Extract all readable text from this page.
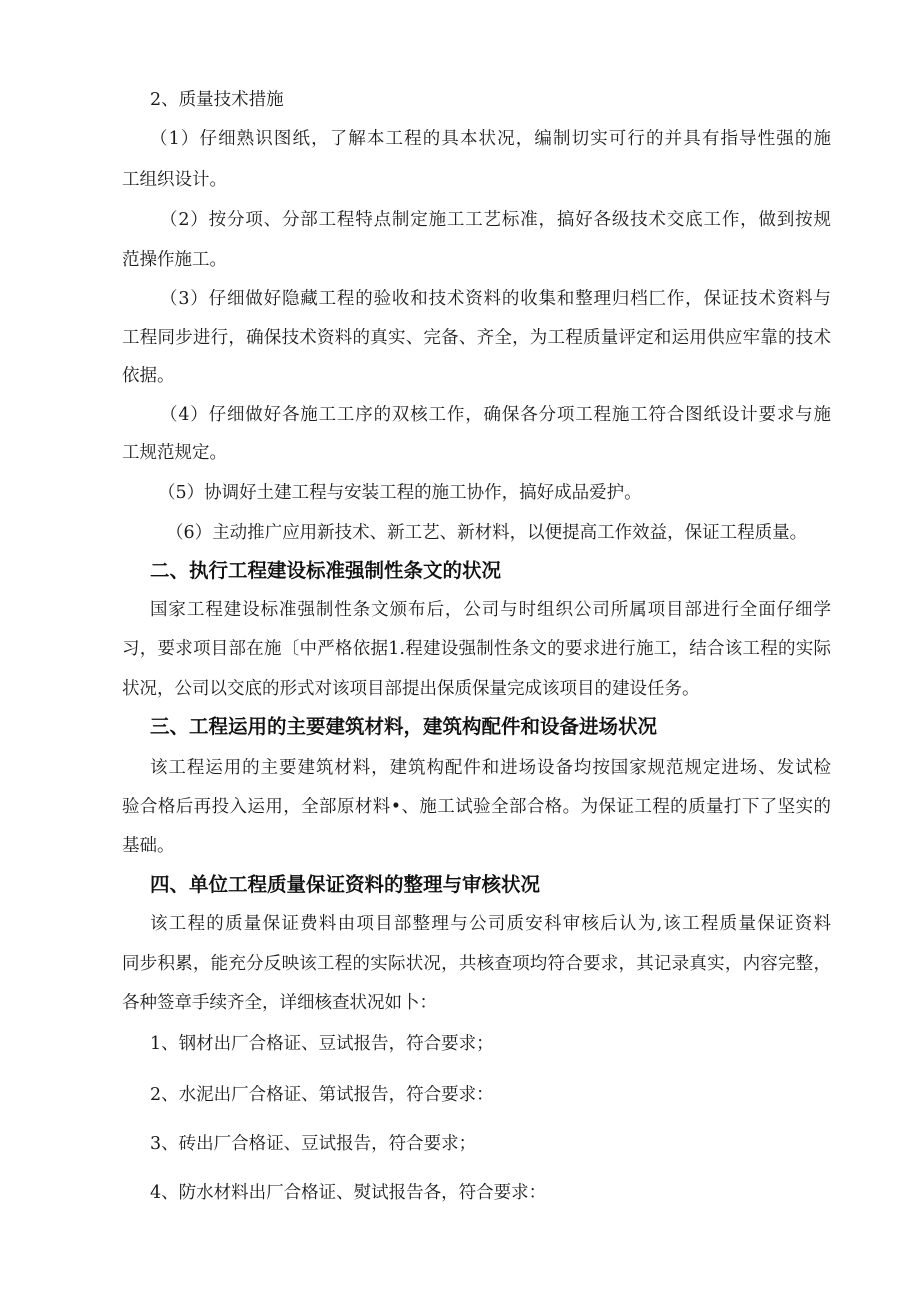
2、质量技术措施
（1）仔细熟识图纸，了解本工程的具本状况，编制切实可行的并具有指导性强的施
工组织设计。
（2）按分项、分部工程特点制定施工工艺标准，搞好各级技术交底工作，做到按规
范操作施工。
（3）仔细做好隐藏工程的验收和技术资料的收集和整理归档匚作，保证技术资料与
工程同步进行，确保技术资料的真实、完备、齐全，为工程质量评定和运用供应牢靠的技术
依据。
（4）仔细做好各施工工序的双核工作，确保各分项工程施工符合图纸设计要求与施
工规范规定。
（5）协调好土建工程与安装工程的施工协作，搞好成品爱护。
（6）主动推广应用新技术、新工艺、新材料，以便提高工作效益，保证工程质量。
二、执行工程建设标准强制性条文的状况
国家工程建设标准强制性条文颁布后，公司与时组织公司所属项目部进行全面仔细学
习，要求项目部在施〔中严格依据1.程建设强制性条文的要求进行施工，结合该工程的实际
状况，公司以交底的形式对该项目部提出保质保量完成该项目的建设任务。
三、工程运用的主要建筑材料，建筑构配件和设备进场状况
该工程运用的主要建筑材料，建筑构配件和进场设备均按国家规范规定进场、发试检
验合格后再投入运用，全部原材料•、施工试验全部合格。为保证工程的质量打下了坚实的
基础。
四、单位工程质量保证资料的整理与审核状况
该工程的质量保证费料由项目部整理与公司质安科审核后认为,该工程质量保证资料
同步积累，能充分反映该工程的实际状况，共核查项均符合要求，其记录真实，内容完整，
各种签章手续齐全，详细核查状况如卜：
1、钢材出厂合格证、豆试报告，符合要求；
2、水泥出厂合格证、第试报告，符合要求：
3、砖出厂合格证、豆试报告，符合要求；
4、防水材料出厂合格证、熨试报告各，符合要求：
